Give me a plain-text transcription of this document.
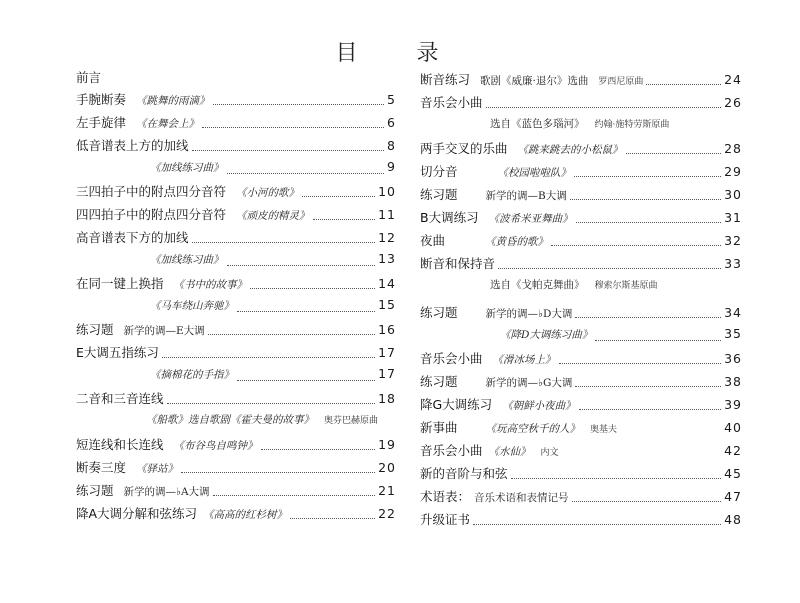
目 录
前言
手腕断奏 《跳舞的雨滴》	5
左手旋律 《在舞会上》	6
低音谱表上方的加线	8
《加线练习曲》	9
三四拍子中的附点四分音符 《小河的歌》	10
四四拍子中的附点四分音符 《顽皮的精灵》	11
高音谱表下方的加线	12
《加线练习曲》	13
在同一键上换指 《书中的故事》	14
《马车绕山奔驰》	15
练习题 新学的调—E大调	16
E大调五指练习	17
《摘棉花的手指》	17
二音和三音连线	18
《船歌》选自歌剧《霍夫曼的故事》 奥芬巴赫原曲
短连线和长连线 《布谷鸟自鸣钟》	19
断奏三度 《驿站》	20
练习题 新学的调—♭A大调	21
降A大调分解和弦练习 《高高的红杉树》	22
断音练习 歌剧《威廉·退尔》选曲 罗西尼原曲	24
音乐会小曲	26
选自《蓝色多瑙河》 约翰·施特劳斯原曲
两手交叉的乐曲 《跳来跳去的小松鼠》	28
切分音	《校园啦啦队》	29
练习题	新学的调—B大调	30
B大调练习 《波希米亚舞曲》	31
夜曲	《黄昏的歌》	32
断音和保持音	33
选自《戈帕克舞曲》 穆索尔斯基原曲
练习题	新学的调—♭D大调	34
《降D大调练习曲》	35
音乐会小曲 《滑冰场上》	36
练习题	新学的调—♭G大调	38
降G大调练习 《朝鲜小夜曲》	39
新事曲	《玩高空秋千的人》 奥基夫	40
音乐会小曲 《水仙》 内文	42
新的音阶与和弦	45
术语表： 音乐术语和表情记号	47
升级证书	48
